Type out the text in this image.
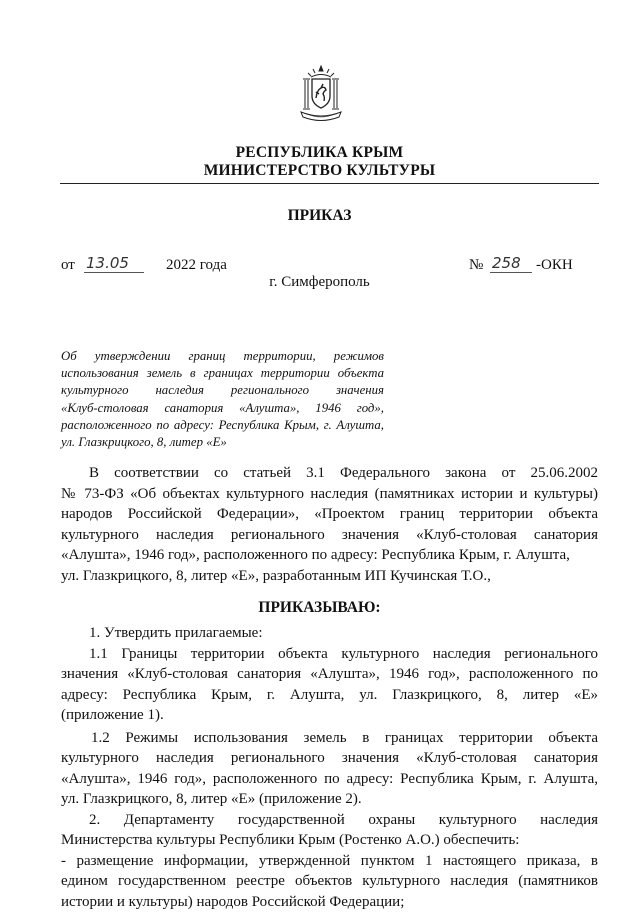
РЕСПУБЛИКА КРЫМ
МИНИСТЕРСТВО КУЛЬТУРЫ
ПРИКАЗ
от 13.05 2022 года	№ 258 -ОКН
г. Симферополь
Об утверждении границ территории, режимов
использования земель в границах территории объекта
культурного наследия регионального значения
«Клуб-столовая санатория «Алушта», 1946 год»,
расположенного по адресу: Республика Крым, г. Алушта,
ул. Глазкрицкого, 8, литер «Е»
В соответствии со статьей 3.1 Федерального закона от 25.06.2002
№ 73-ФЗ «Об объектах культурного наследия (памятниках истории и культуры)
народов Российской Федерации», «Проектом границ территории объекта
культурного наследия регионального значения «Клуб-столовая санатория
«Алушта», 1946 год», расположенного по адресу: Республика Крым, г. Алушта,
ул. Глазкрицкого, 8, литер «Е», разработанным ИП Кучинская Т.О.,
ПРИКАЗЫВАЮ:
1. Утвердить прилагаемые:
1.1 Границы территории объекта культурного наследия регионального
значения «Клуб-столовая санатория «Алушта», 1946 год», расположенного по
адресу: Республика Крым, г. Алушта, ул. Глазкрицкого, 8, литер «Е»
(приложение 1).
1.2 Режимы использования земель в границах территории объекта
культурного наследия регионального значения «Клуб-столовая санатория
«Алушта», 1946 год», расположенного по адресу: Республика Крым, г. Алушта,
ул. Глазкрицкого, 8, литер «Е» (приложение 2).
2. Департаменту государственной охраны культурного наследия
Министерства культуры Республики Крым (Ростенко А.О.) обеспечить:
- размещение информации, утвержденной пунктом 1 настоящего приказа, в
едином государственном реестре объектов культурного наследия (памятников
истории и культуры) народов Российской Федерации;
